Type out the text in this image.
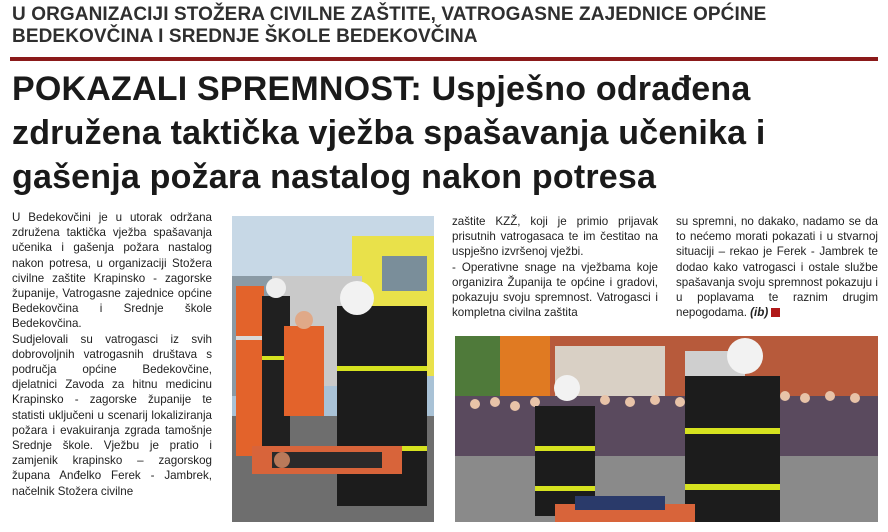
U ORGANIZACIJI STOŽERA CIVILNE ZAŠTITE, VATROGASNE ZAJEDNICE OPĆINE BEDEKOVČINA I SREDNJE ŠKOLE BEDEKOVČINA
POKAZALI SPREMNOST: Uspješno odrađena združena taktička vježba spašavanja učenika i gašenja požara nastalog nakon potresa

U Bedekovčini je u utorak održana združena taktička vježba spašavanja učenika i gašenja požara nastalog nakon potresa, u organizaciji Stožera civilne zaštite Krapinsko - zagorske županije, Vatrogasne zajednice općine Bedekovčina i Srednje škole Bedekovčina.

Sudjelovali su vatrogasci iz svih dobrovoljnih vatrogasnih društava s područja općine Bedekovčine, djelatnici Zavoda za hitnu medicinu Krapinsko - zagorske županije te statisti uključeni u scenarij lokaliziranja požara i evakuiranja zgrada tamošnje Srednje škole. Vježbu je pratio i zamjenik krapinsko – zagorskog župana Anđelko Ferek - Jambrek, načelnik Stožera civilne

zaštite KZŽ, koji je primio prijavak prisutnih vatrogasaca te im čestitao na uspješno izvršenoj vježbi.

- Operativne snage na vježbama koje organizira Županija te općine i gradovi, pokazuju svoju spremnost. Vatrogasci i kompletna civilna zaštita

su spremni, no dakako, nadamo se da to nećemo morati pokazati i u stvarnoj situaciji – rekao je Ferek - Jambrek te dodao kako vatrogasci i ostale službe spašavanja svoju spremnost pokazuju i u poplavama te raznim drugim nepogodama. (ib)
